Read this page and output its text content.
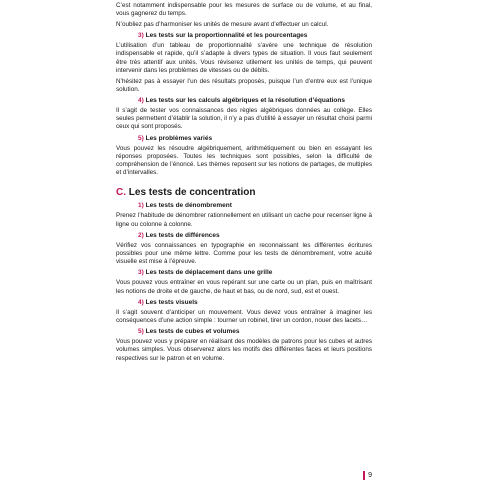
C’est notamment indispensable pour les mesures de surface ou de volume, et au final, vous gagnerez du temps.

N’oubliez pas d’harmoniser les unités de mesure avant d’effectuer un calcul.

3) Les tests sur la proportionnalité et les pourcentages

L’utilisation d’un tableau de proportionnalité s’avère une technique de résolution indispensable et rapide, qu’il s’adapte à divers types de situation. Il vous faut seulement être très attentif aux unités. Vous réviserez utilement les unités de temps, qui peuvent intervenir dans les problèmes de vitesses ou de débits.

N’hésitez pas à essayer l’un des résultats proposés, puisque l’un d’entre eux est l’unique solution.

4) Les tests sur les calculs algébriques et la résolution d’équations

Il s’agit de tester vos connaissances des règles algébriques données au collège. Elles seules permettent d’établir la solution, il n’y a pas d’utilité à essayer un résultat choisi parmi ceux qui sont proposés.

5) Les problèmes variés

Vous pouvez les résoudre algébriquement, arithmétiquement ou bien en essayant les réponses proposées. Toutes les techniques sont possibles, selon la difficulté de compréhension de l’énoncé. Les thèmes reposent sur les notions de partages, de multiples et d’intervalles.

C. Les tests de concentration
1) Les tests de dénombrement

Prenez l’habitude de dénombrer rationnellement en utilisant un cache pour recenser ligne à ligne ou colonne à colonne.

2) Les tests de différences

Vérifiez vos connaissances en typographie en reconnaissant les différentes écritures possibles pour une même lettre. Comme pour les tests de dénombrement, votre acuité visuelle est mise à l’épreuve.

3) Les tests de déplacement dans une grille

Vous pouvez vous entraîner en vous repérant sur une carte ou un plan, puis en maîtrisant les notions de droite et de gauche, de haut et bas, ou de nord, sud, est et ouest.

4) Les tests visuels

Il s’agit souvent d’anticiper un mouvement. Vous devez vous entraîner à imaginer les conséquences d’une action simple : tourner un robinet, tirer un cordon, nouer des lacets…

5) Les tests de cubes et volumes

Vous pouvez vous y préparer en réalisant des modèles de patrons pour les cubes et autres volumes simples. Vous observerez alors les motifs des différentes faces et leurs positions respectives sur le patron et en volume.

9
